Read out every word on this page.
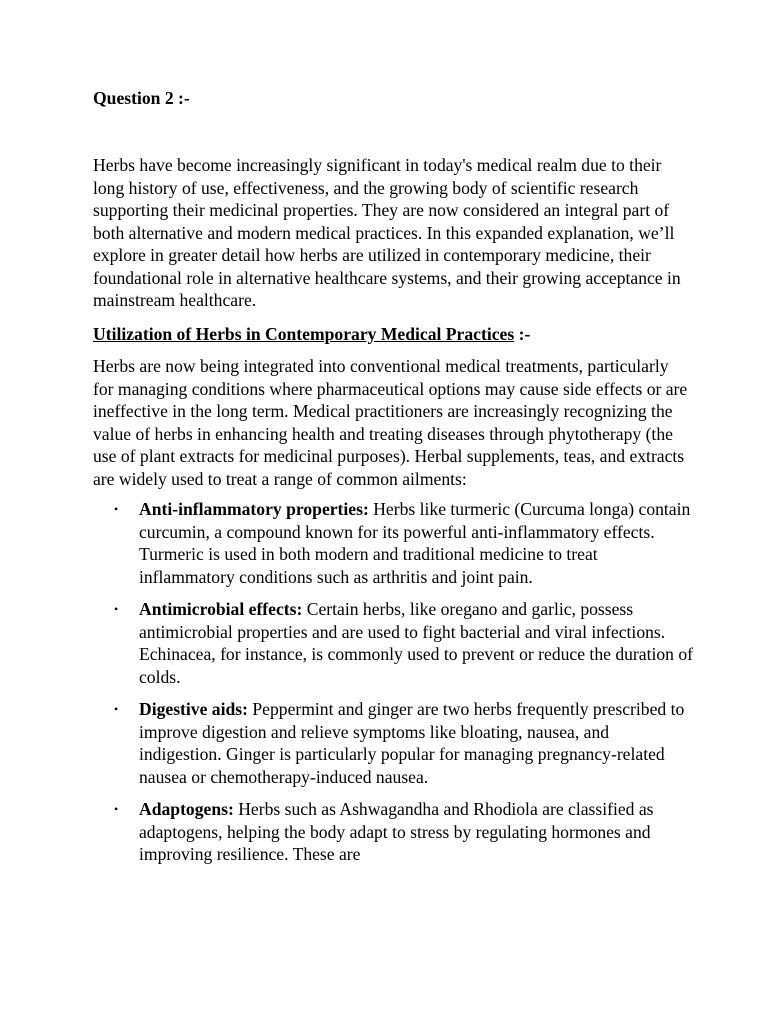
Question 2 :-

Herbs have become increasingly significant in today's medical realm due to their long history of use, effectiveness, and the growing body of scientific research supporting their medicinal properties. They are now considered an integral part of both alternative and modern medical practices. In this expanded explanation, we’ll explore in greater detail how herbs are utilized in contemporary medicine, their foundational role in alternative healthcare systems, and their growing acceptance in mainstream healthcare.

Utilization of Herbs in Contemporary Medical Practices :-

Herbs are now being integrated into conventional medical treatments, particularly for managing conditions where pharmaceutical options may cause side effects or are ineffective in the long term. Medical practitioners are increasingly recognizing the value of herbs in enhancing health and treating diseases through phytotherapy (the use of plant extracts for medicinal purposes). Herbal supplements, teas, and extracts are widely used to treat a range of common ailments:

• Anti-inflammatory properties: Herbs like turmeric (Curcuma longa) contain curcumin, a compound known for its powerful anti-inflammatory effects. Turmeric is used in both modern and traditional medicine to treat inflammatory conditions such as arthritis and joint pain.
• Antimicrobial effects: Certain herbs, like oregano and garlic, possess antimicrobial properties and are used to fight bacterial and viral infections. Echinacea, for instance, is commonly used to prevent or reduce the duration of colds.
• Digestive aids: Peppermint and ginger are two herbs frequently prescribed to improve digestion and relieve symptoms like bloating, nausea, and indigestion. Ginger is particularly popular for managing pregnancy-related nausea or chemotherapy-induced nausea.
• Adaptogens: Herbs such as Ashwagandha and Rhodiola are classified as adaptogens, helping the body adapt to stress by regulating hormones and improving resilience. These are
